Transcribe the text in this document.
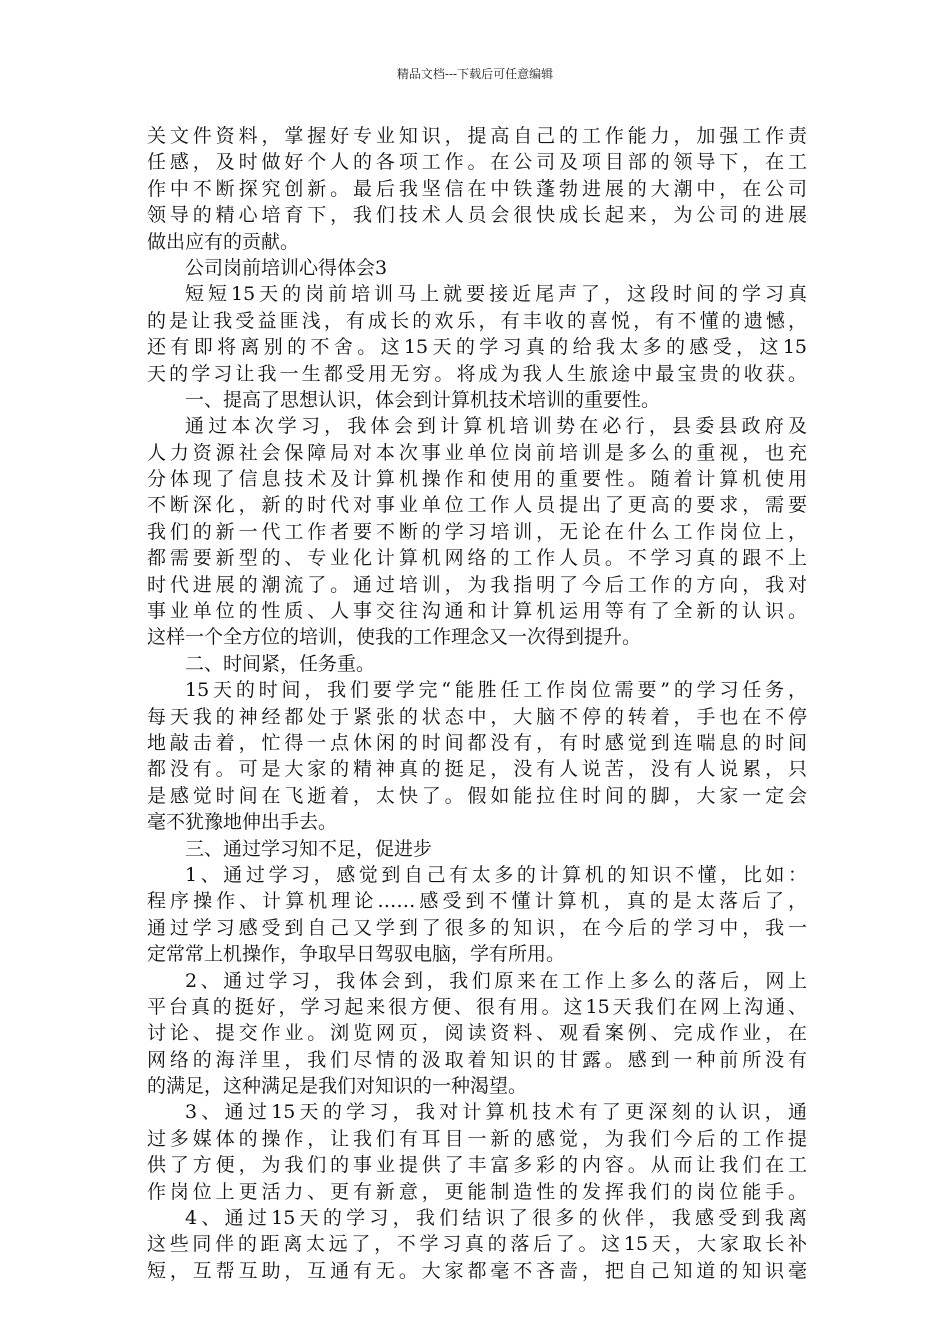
精品文档---下载后可任意编辑
关文件资料，掌握好专业知识，提高自己的工作能力，加强工作责
任感，及时做好个人的各项工作。在公司及项目部的领导下，在工
作中不断探究创新。最后我坚信在中铁蓬勃进展的大潮中，在公司
领导的精心培育下，我们技术人员会很快成长起来，为公司的进展
做出应有的贡献。
公司岗前培训心得体会3
短短15天的岗前培训马上就要接近尾声了，这段时间的学习真
的是让我受益匪浅，有成长的欢乐，有丰收的喜悦，有不懂的遗憾，
还有即将离别的不舍。这15天的学习真的给我太多的感受，这15
天的学习让我一生都受用无穷。将成为我人生旅途中最宝贵的收获。
一、提高了思想认识，体会到计算机技术培训的重要性。
通过本次学习，我体会到计算机培训势在必行，县委县政府及
人力资源社会保障局对本次事业单位岗前培训是多么的重视，也充
分体现了信息技术及计算机操作和使用的重要性。随着计算机使用
不断深化，新的时代对事业单位工作人员提出了更高的要求，需要
我们的新一代工作者要不断的学习培训，无论在什么工作岗位上，
都需要新型的、专业化计算机网络的工作人员。不学习真的跟不上
时代进展的潮流了。通过培训，为我指明了今后工作的方向，我对
事业单位的性质、人事交往沟通和计算机运用等有了全新的认识。
这样一个全方位的培训，使我的工作理念又一次得到提升。
二、时间紧，任务重。
15天的时间，我们要学完“能胜任工作岗位需要”的学习任务，
每天我的神经都处于紧张的状态中，大脑不停的转着，手也在不停
地敲击着，忙得一点休闲的时间都没有，有时感觉到连喘息的时间
都没有。可是大家的精神真的挺足，没有人说苦，没有人说累，只
是感觉时间在飞逝着，太快了。假如能拉住时间的脚，大家一定会
毫不犹豫地伸出手去。
三、通过学习知不足，促进步
1、通过学习，感觉到自己有太多的计算机的知识不懂，比如：
程序操作、计算机理论……感受到不懂计算机，真的是太落后了，
通过学习感受到自己又学到了很多的知识，在今后的学习中，我一
定常常上机操作，争取早日驾驭电脑，学有所用。
2、通过学习，我体会到，我们原来在工作上多么的落后，网上
平台真的挺好，学习起来很方便、很有用。这15天我们在网上沟通、
讨论、提交作业。浏览网页，阅读资料、观看案例、完成作业，在
网络的海洋里，我们尽情的汲取着知识的甘露。感到一种前所没有
的满足，这种满足是我们对知识的一种渴望。
3、通过15天的学习，我对计算机技术有了更深刻的认识，通
过多媒体的操作，让我们有耳目一新的感觉，为我们今后的工作提
供了方便，为我们的事业提供了丰富多彩的内容。从而让我们在工
作岗位上更活力、更有新意，更能制造性的发挥我们的岗位能手。
4、通过15天的学习，我们结识了很多的伙伴，我感受到我离
这些同伴的距离太远了，不学习真的落后了。这15天，大家取长补
短，互帮互助，互通有无。大家都毫不吝啬，把自己知道的知识毫
